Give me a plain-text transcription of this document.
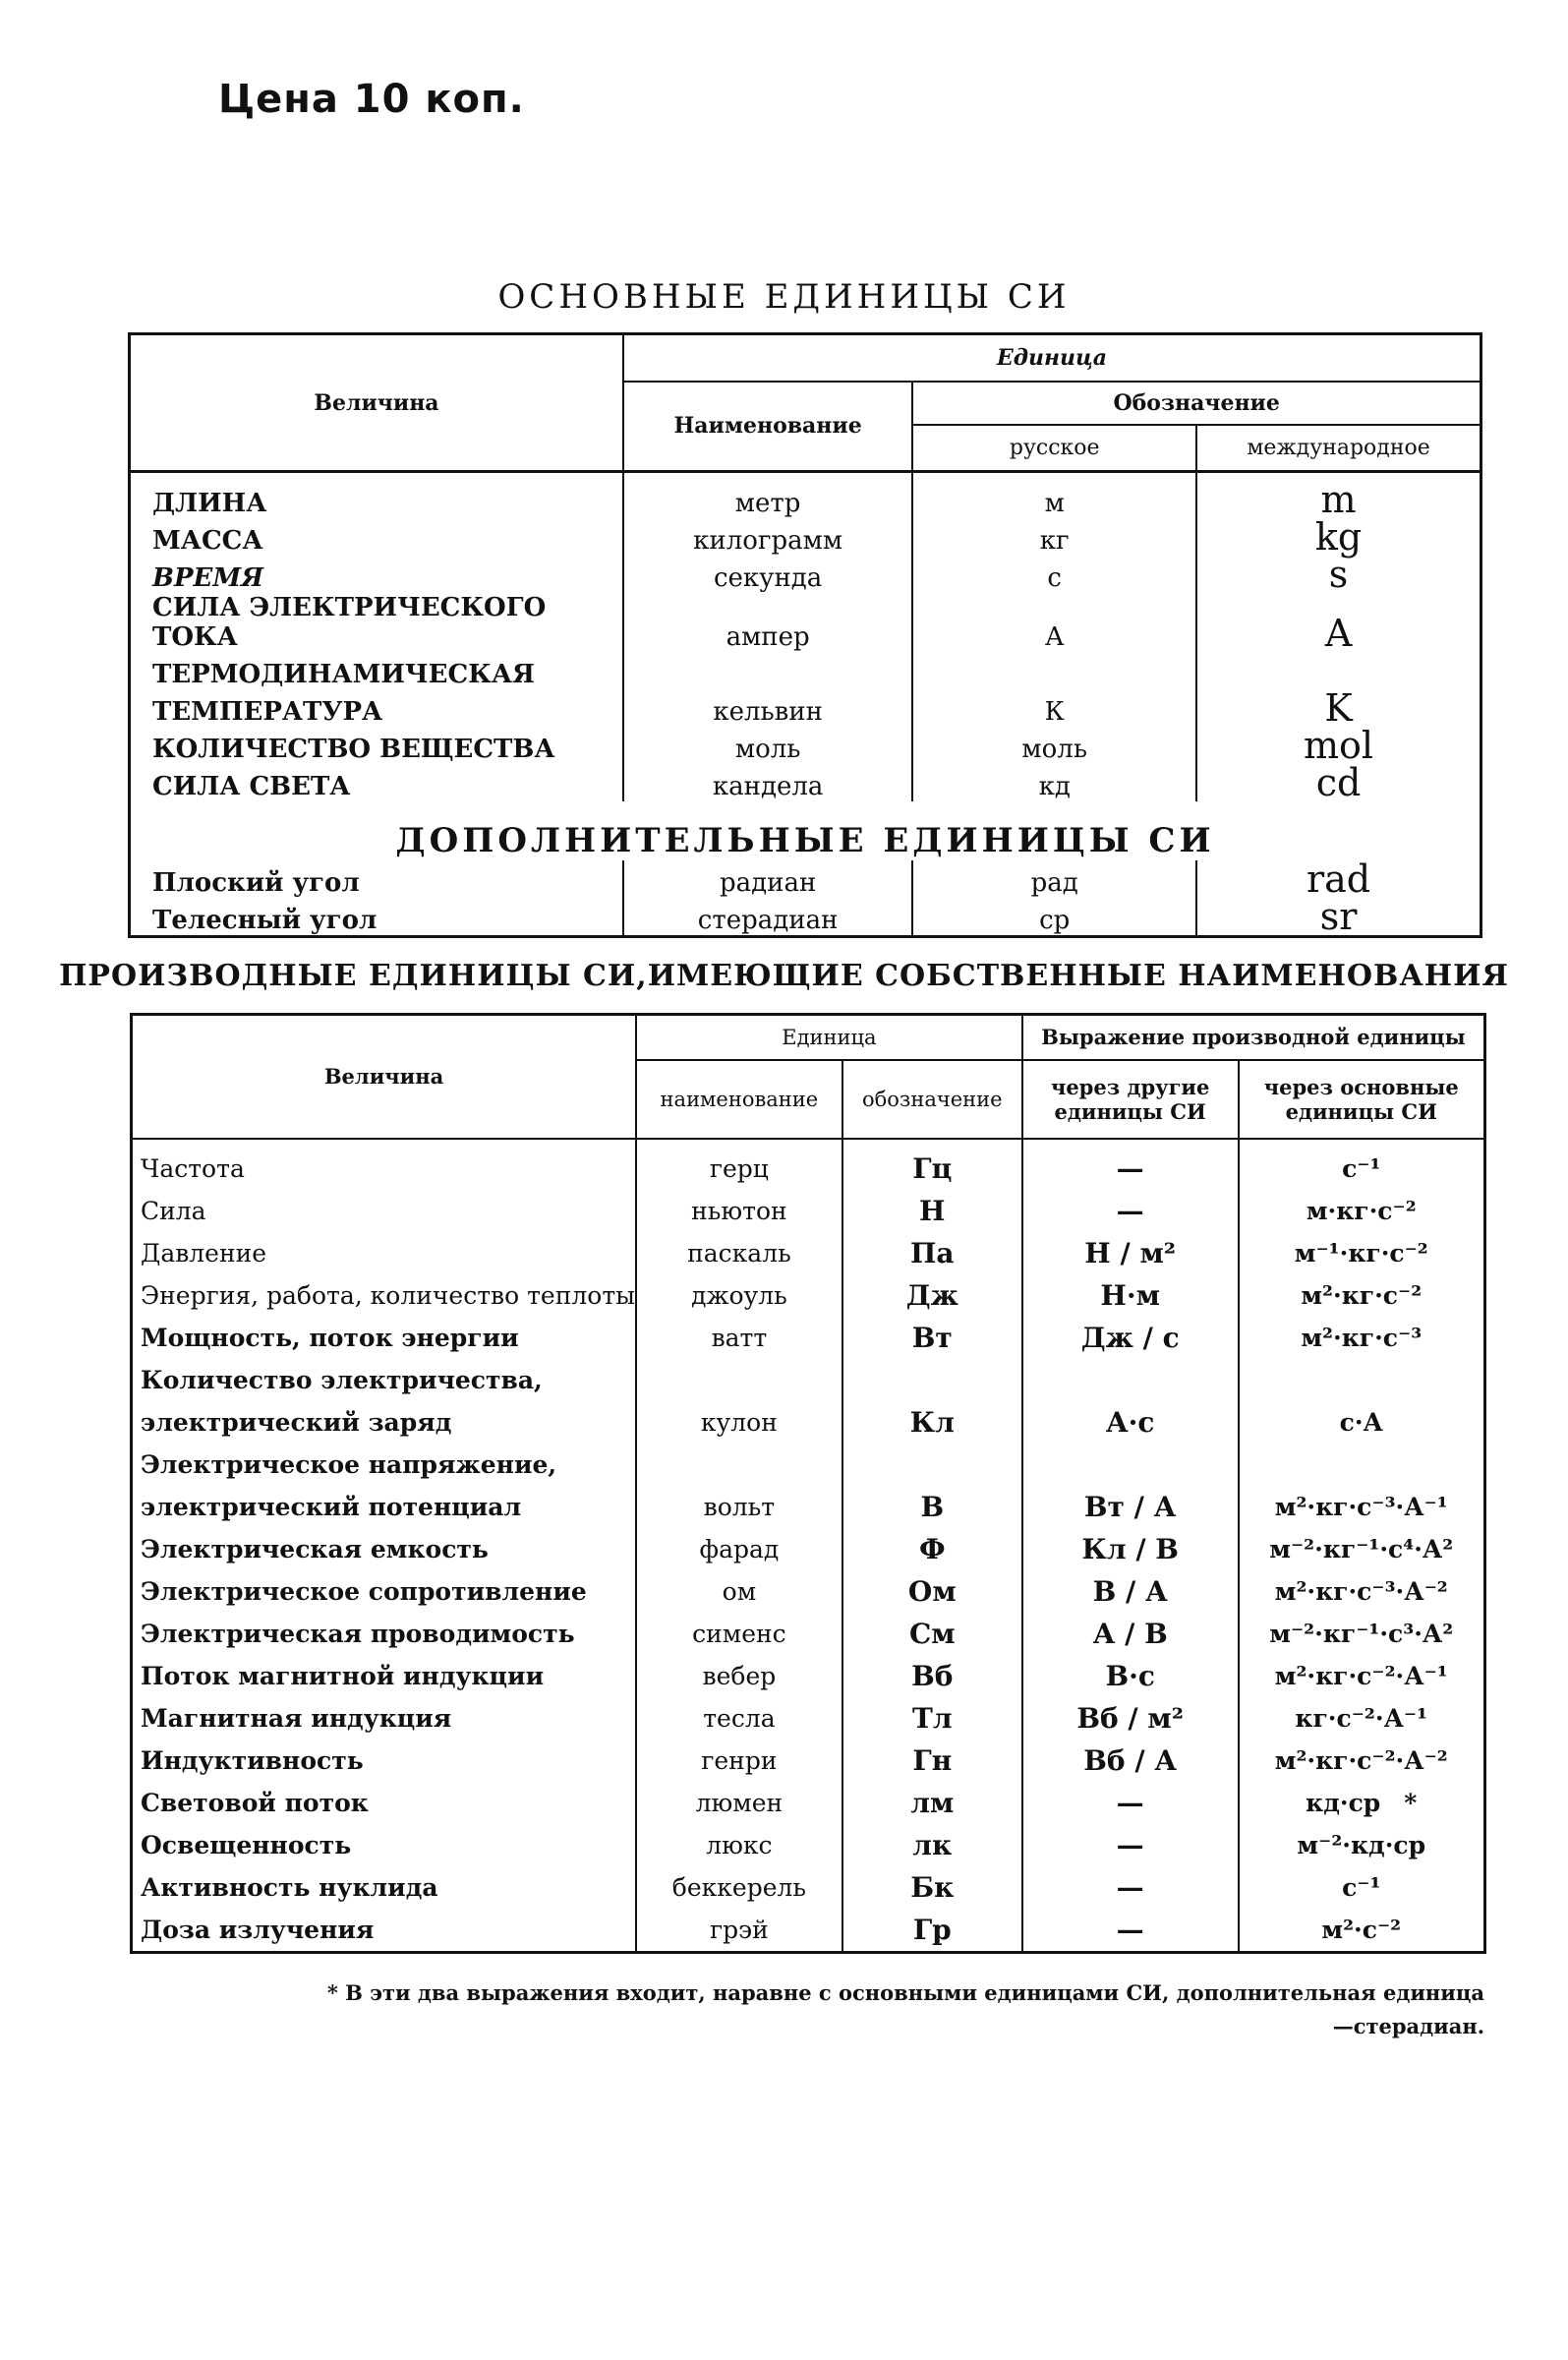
Цена 10 коп.
ОСНОВНЫЕ ЕДИНИЦЫ СИ
Величина	Единица		
	Наименование	Обозначение	
		русское	международное
ДЛИНА	метр	м	m
МАССА	килограмм	кг	kg
ВРЕМЯ	секунда	с	s
СИЛА ЭЛЕКТРИЧЕСКОГО ТОКА	ампер	А	A
ТЕРМОДИНАМИЧЕСКАЯ			
ТЕМПЕРАТУРА	кельвин	К	K
КОЛИЧЕСТВО ВЕЩЕСТВА	моль	моль	mol
СИЛА СВЕТА	кандела	кд	cd
ДОПОЛНИТЕЛЬНЫЕ ЕДИНИЦЫ СИ			
Плоский угол	радиан	рад	rad
Телесный угол	стерадиан	ср	sr
ПРОИЗВОДНЫЕ ЕДИНИЦЫ СИ,ИМЕЮЩИЕ СОБСТВЕННЫЕ НАИМЕНОВАНИЯ
Величина	Единица		Выражение производной единицы	
	наименование	обозначение	через другие единицы СИ	через основные единицы СИ
Частота	герц	Гц	—	с⁻¹
Сила	ньютон	Н	—	м·кг·с⁻²
Давление	паскаль	Па	Н / м²	м⁻¹·кг·с⁻²
Энергия, работа, количество теплоты	джоуль	Дж	Н·м	м²·кг·с⁻²
Мощность, поток энергии	ватт	Вт	Дж / с	м²·кг·с⁻³
Количество электричества,				
электрический заряд	кулон	Кл	А·с	с·А
Электрическое напряжение,				
электрический потенциал	вольт	В	Вт / А	м²·кг·с⁻³·А⁻¹
Электрическая емкость	фарад	Ф	Кл / В	м⁻²·кг⁻¹·с⁴·А²
Электрическое сопротивление	ом	Ом	В / А	м²·кг·с⁻³·А⁻²
Электрическая проводимость	сименс	См	А / В	м⁻²·кг⁻¹·с³·А²
Поток магнитной индукции	вебер	Вб	В·с	м²·кг·с⁻²·А⁻¹
Магнитная индукция	тесла	Тл	Вб / м²	кг·с⁻²·А⁻¹
Индуктивность	генри	Гн	Вб / А	м²·кг·с⁻²·А⁻²
Световой поток	люмен	лм	—	кд·ср *
Освещенность	люкс	лк	—	м⁻²·кд·ср
Активность нуклида	беккерель	Бк	—	с⁻¹
Доза излучения	грэй	Гр	—	м²·с⁻²
* В эти два выражения входит, наравне с основными единицами СИ, дополнительная единица—стерадиан.
